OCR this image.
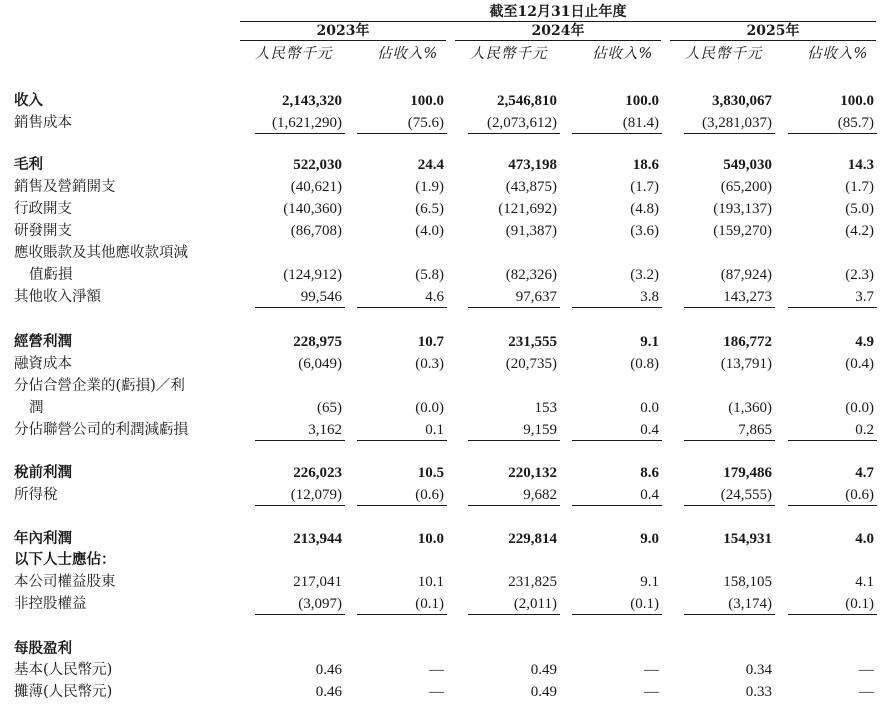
截至12月31日止年度
2023年
人民幣千元	佔收入%
2024年
人民幣千元	佔收入%
2025年
人民幣千元	佔收入%
收入	2,143,320	100.0	2,546,810	100.0	3,830,067	100.0
銷售成本	(1,621,290)	(75.6)	(2,073,612)	(81.4)	(3,281,037)	(85.7)
毛利	522,030	24.4	473,198	18.6	549,030	14.3
銷售及營銷開支	(40,621)	(1.9)	(43,875)	(1.7)	(65,200)	(1.7)
行政開支	(140,360)	(6.5)	(121,692)	(4.8)	(193,137)	(5.0)
研發開支	(86,708)	(4.0)	(91,387)	(3.6)	(159,270)	(4.2)
應收賬款及其他應收款項減
值虧損	(124,912)	(5.8)	(82,326)	(3.2)	(87,924)	(2.3)
其他收入淨額	99,546	4.6	97,637	3.8	143,273	3.7
經營利潤	228,975	10.7	231,555	9.1	186,772	4.9
融資成本	(6,049)	(0.3)	(20,735)	(0.8)	(13,791)	(0.4)
分佔合營企業的(虧損)／利
潤	(65)	(0.0)	153	0.0	(1,360)	(0.0)
分佔聯營公司的利潤減虧損	3,162	0.1	9,159	0.4	7,865	0.2
稅前利潤	226,023	10.5	220,132	8.6	179,486	4.7
所得稅	(12,079)	(0.6)	9,682	0.4	(24,555)	(0.6)
年內利潤	213,944	10.0	229,814	9.0	154,931	4.0
以下人士應佔：
本公司權益股東	217,041	10.1	231,825	9.1	158,105	4.1
非控股權益	(3,097)	(0.1)	(2,011)	(0.1)	(3,174)	(0.1)
每股盈利
基本(人民幣元)	0.46	—	0.49	—	0.34	—
攤薄(人民幣元)	0.46	—	0.49	—	0.33	—
